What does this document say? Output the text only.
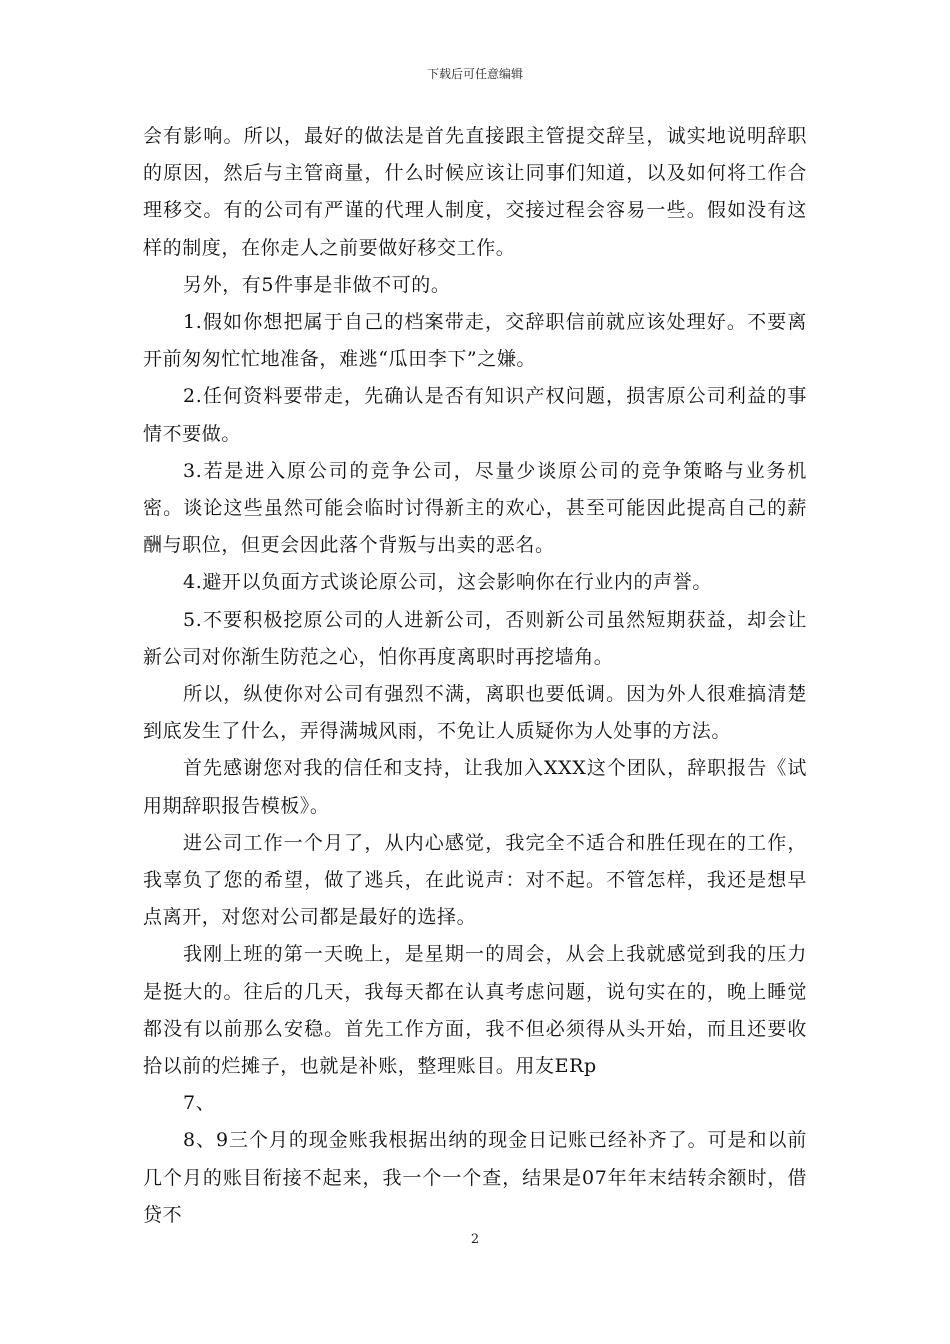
下载后可任意编辑

会有影响。所以，最好的做法是首先直接跟主管提交辞呈，诚实地说明辞职的原因，然后与主管商量，什么时候应该让同事们知道，以及如何将工作合理移交。有的公司有严谨的代理人制度，交接过程会容易一些。假如没有这样的制度，在你走人之前要做好移交工作。

另外，有5件事是非做不可的。

1.假如你想把属于自己的档案带走，交辞职信前就应该处理好。不要离开前匆匆忙忙地准备，难逃“瓜田李下”之嫌。

2.任何资料要带走，先确认是否有知识产权问题，损害原公司利益的事情不要做。

3.若是进入原公司的竞争公司，尽量少谈原公司的竞争策略与业务机密。谈论这些虽然可能会临时讨得新主的欢心，甚至可能因此提高自己的薪酬与职位，但更会因此落个背叛与出卖的恶名。

4.避开以负面方式谈论原公司，这会影响你在行业内的声誉。

5.不要积极挖原公司的人进新公司，否则新公司虽然短期获益，却会让新公司对你渐生防范之心，怕你再度离职时再挖墙角。

所以，纵使你对公司有强烈不满，离职也要低调。因为外人很难搞清楚到底发生了什么，弄得满城风雨，不免让人质疑你为人处事的方法。

首先感谢您对我的信任和支持，让我加入XXX这个团队，辞职报告《试用期辞职报告模板》。

进公司工作一个月了，从内心感觉，我完全不适合和胜任现在的工作，我辜负了您的希望，做了逃兵，在此说声：对不起。不管怎样，我还是想早点离开，对您对公司都是最好的选择。

我刚上班的第一天晚上，是星期一的周会，从会上我就感觉到我的压力是挺大的。往后的几天，我每天都在认真考虑问题，说句实在的，晚上睡觉都没有以前那么安稳。首先工作方面，我不但必须得从头开始，而且还要收拾以前的烂摊子，也就是补账，整理账目。用友ERp

7、

8、9三个月的现金账我根据出纳的现金日记账已经补齐了。可是和以前几个月的账目衔接不起来，我一个一个查，结果是07年年末结转余额时，借贷不

2
